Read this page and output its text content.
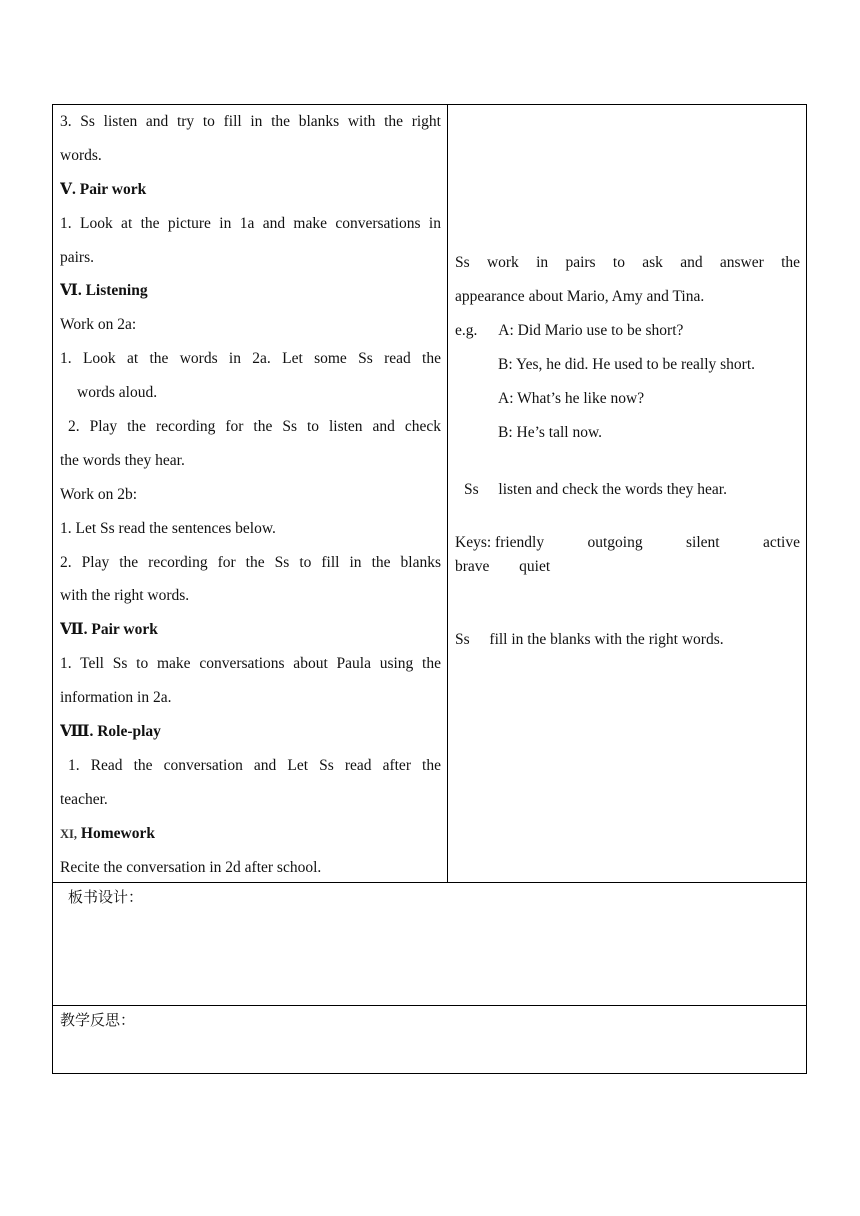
3. Ss listen and try to fill in the blanks with the right
words.
Ⅴ. Pair work
1. Look at the picture in 1a and make conversations in
pairs.
Ⅵ. Listening
Work on 2a:
1. Look at the words in 2a. Let some Ss read the
words aloud.
2. Play the recording for the Ss to listen and check
the words they hear.
Work on 2b:
1. Let Ss read the sentences below.
2. Play the recording for the Ss to fill in the blanks
with the right words.
Ⅶ. Pair work
1. Tell Ss to make conversations about Paula using the
information in 2a.
Ⅷ. Role-play
1. Read the conversation and Let Ss read after the
teacher.
XI, Homework
Recite the conversation in 2d after school.
Ss work in pairs to ask and answer the
appearance about Mario, Amy and Tina.
e.g. A: Did Mario use to be short?
B: Yes, he did. He used to be really short.
A: What’s he like now?
B: He’s tall now.
Ss listen and check the words they hear.
Keys: friendly	outgoing	silent	active
brave quiet
Ss fill in the blanks with the right words.
板书设计：
教学反思：
